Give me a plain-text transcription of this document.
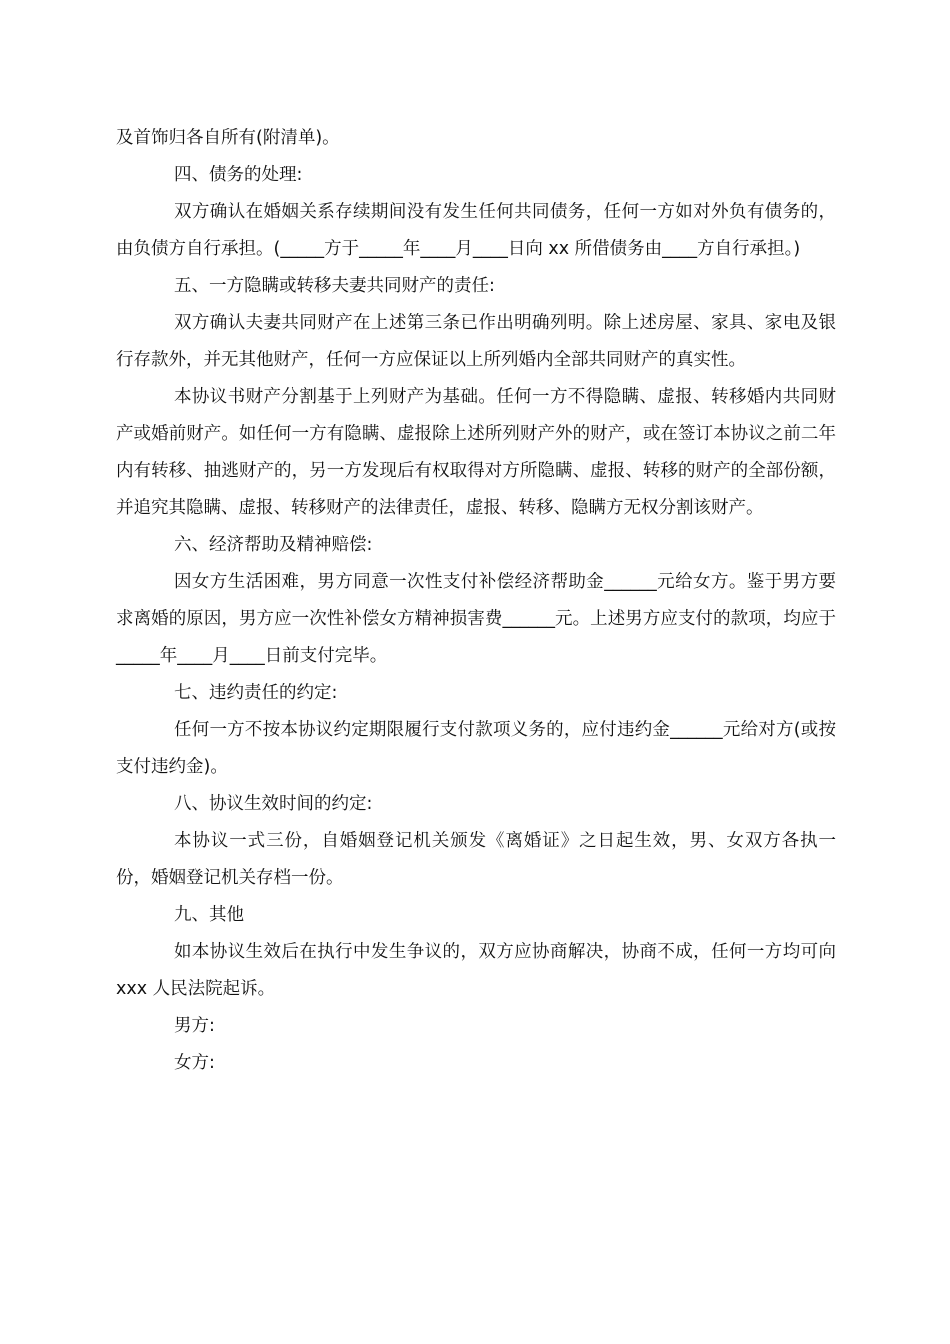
及首饰归各自所有(附清单)。

四、债务的处理:

双方确认在婚姻关系存续期间没有发生任何共同债务，任何一方如对外负有债务的，由负债方自行承担。(_____方于_____年____月____日向 xx 所借债务由____方自行承担。)

五、一方隐瞒或转移夫妻共同财产的责任:

双方确认夫妻共同财产在上述第三条已作出明确列明。除上述房屋、家具、家电及银行存款外，并无其他财产，任何一方应保证以上所列婚内全部共同财产的真实性。

本协议书财产分割基于上列财产为基础。任何一方不得隐瞒、虚报、转移婚内共同财产或婚前财产。如任何一方有隐瞒、虚报除上述所列财产外的财产，或在签订本协议之前二年内有转移、抽逃财产的，另一方发现后有权取得对方所隐瞒、虚报、转移的财产的全部份额，并追究其隐瞒、虚报、转移财产的法律责任，虚报、转移、隐瞒方无权分割该财产。

六、经济帮助及精神赔偿:

因女方生活困难，男方同意一次性支付补偿经济帮助金______元给女方。鉴于男方要求离婚的原因，男方应一次性补偿女方精神损害费______元。上述男方应支付的款项，均应于_____年____月____日前支付完毕。

七、违约责任的约定:

任何一方不按本协议约定期限履行支付款项义务的，应付违约金______元给对方(或按支付违约金)。

八、协议生效时间的约定:

本协议一式三份，自婚姻登记机关颁发《离婚证》之日起生效，男、女双方各执一份，婚姻登记机关存档一份。

九、其他

如本协议生效后在执行中发生争议的，双方应协商解决，协商不成，任何一方均可向 xxx 人民法院起诉。

男方:

女方:
